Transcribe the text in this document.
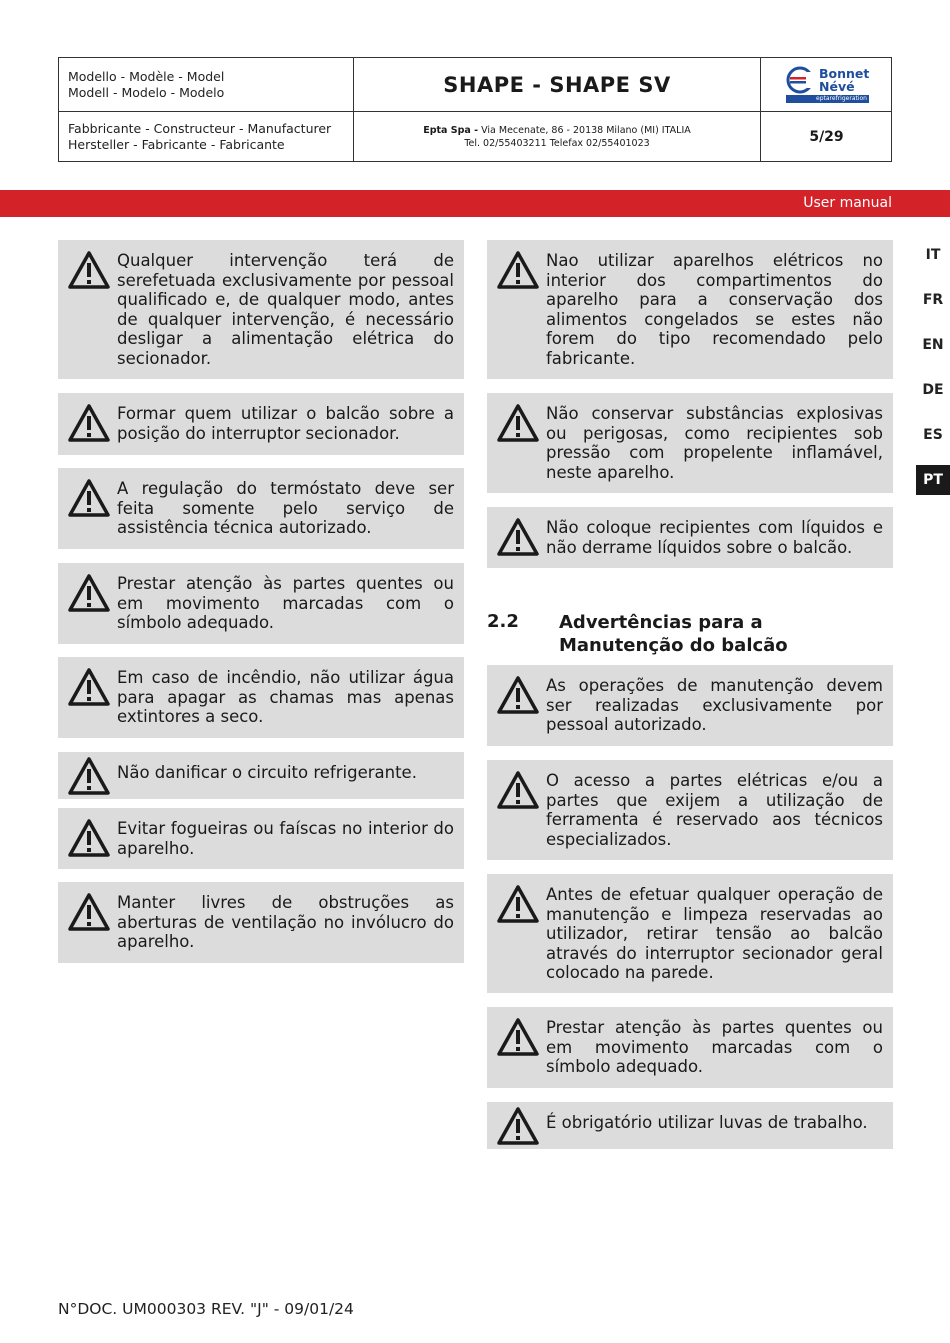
Modello - Modèle - Model
Modell - Modelo - Modelo
Fabbricante - Constructeur - Manufacturer
Hersteller - Fabricante - Fabricante
SHAPE - SHAPE SV
Epta Spa - Via Mecenate, 86 - 20138 Milano (MI) ITALIA
Tel. 02/55403211 Telefax 02/55401023
Bonnet
Névé
eptarefrigeration
5/29
User manual
IT
FR
EN
DE
ES
PT
Qualquer intervenção terá de serefetuada exclusivamente por pessoal qualificado e, de qualquer modo, antes de qualquer intervenção, é necessário desligar a alimentação elétrica do secionador.
Formar quem utilizar o balcão sobre a posição do interruptor secionador.
A regulação do termóstato deve ser feita somente pelo serviço de assistência técnica autorizado.
Prestar atenção às partes quentes ou em movimento marcadas com o símbolo adequado.
Em caso de incêndio, não utilizar água para apagar as chamas mas apenas extintores a seco.
Não danificar o circuito refrigerante.
Evitar fogueiras ou faíscas no interior do aparelho.
Manter livres de obstruções as aberturas de ventilação no invólucro do aparelho.
Nao utilizar aparelhos elétricos no interior dos compartimentos do aparelho para a conservação dos alimentos congelados se estes não forem do tipo recomendado pelo fabricante.
Não conservar substâncias explosivas ou perigosas, como recipientes sob pressão com propelente inflamável, neste aparelho.
Não coloque recipientes com líquidos e não derrame líquidos sobre o balcão.
2.2 Advertências para a Manutenção do balcão
As operações de manutenção devem ser realizadas exclusivamente por pessoal autorizado.
O acesso a partes elétricas e/ou a partes que exijem a utilização de ferramenta é reservado aos técnicos especializados.
Antes de efetuar qualquer operação de manutenção e limpeza reservadas ao utilizador, retirar tensão ao balcão através do interruptor secionador geral colocado na parede.
Prestar atenção às partes quentes ou em movimento marcadas com o símbolo adequado.
É obrigatório utilizar luvas de trabalho.
N°DOC. UM000303 REV. "J" - 09/01/24
